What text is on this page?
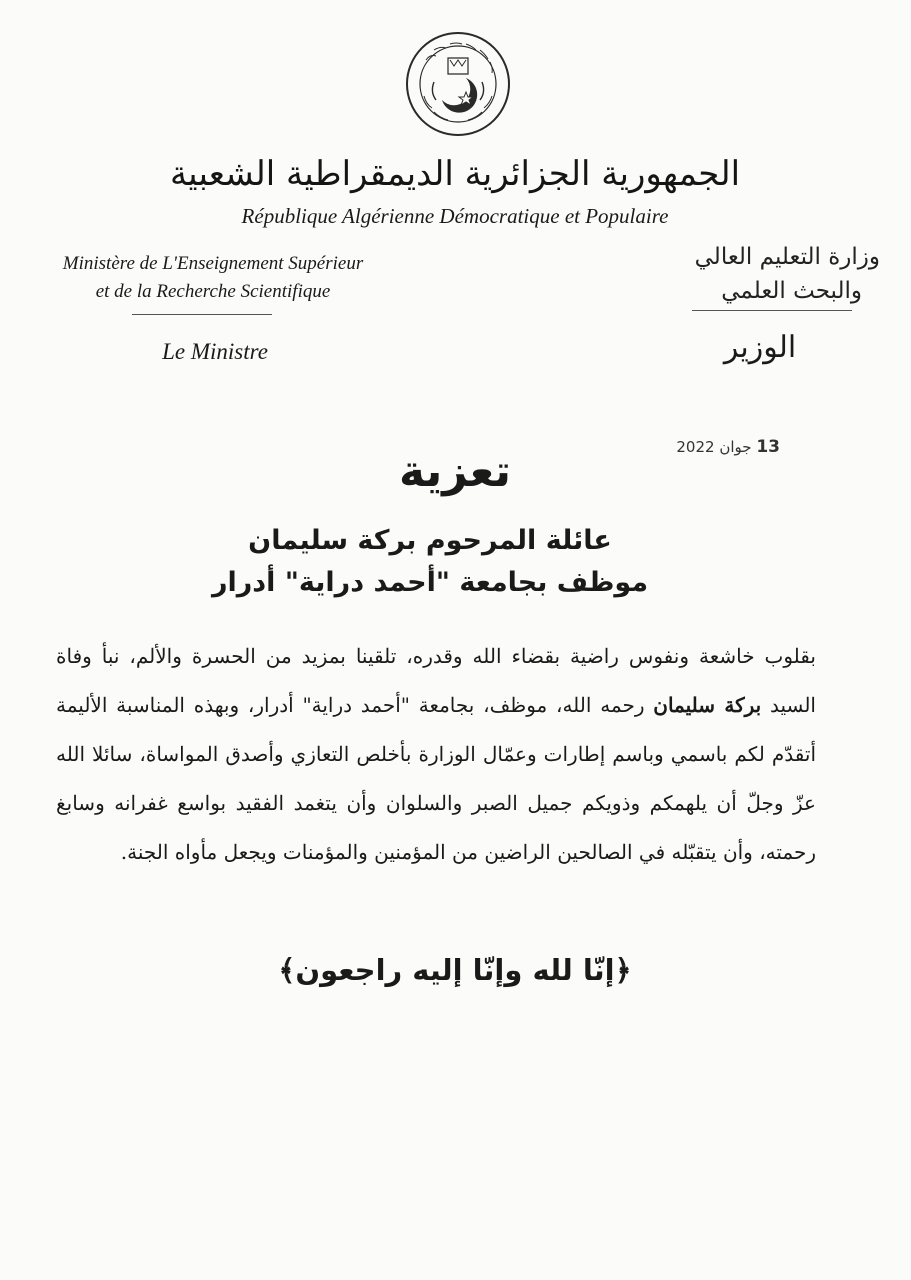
الجمهورية الجزائرية الديمقراطية الشعبية
République Algérienne Démocratique et Populaire
Ministère de L'Enseignement Supérieur
et de la Recherche Scientifique
Le Ministre
وزارة التعليم العالي
والبحث العلمي
الوزير
13 جوان 2022
تعزية
عائلة المرحوم بركة سليمان
موظف بجامعة "أحمد دراية" أدرار
بقلوب خاشعة ونفوس راضية بقضاء الله وقدره، تلقينا بمزيد من الحسرة والألم، نبأ وفاة السيد بركة سليمان رحمه الله، موظف، بجامعة "أحمد دراية" أدرار، وبهذه المناسبة الأليمة أتقدّم لكم باسمي وباسم إطارات وعمّال الوزارة بأخلص التعازي وأصدق المواساة، سائلا الله عزّ وجلّ أن يلهمكم وذويكم جميل الصبر والسلوان وأن يتغمد الفقيد بواسع غفرانه وسابغ رحمته، وأن يتقبّله في الصالحين الراضين من المؤمنين والمؤمنات ويجعل مأواه الجنة.
﴿إنّا لله وإنّا إليه راجعون﴾
